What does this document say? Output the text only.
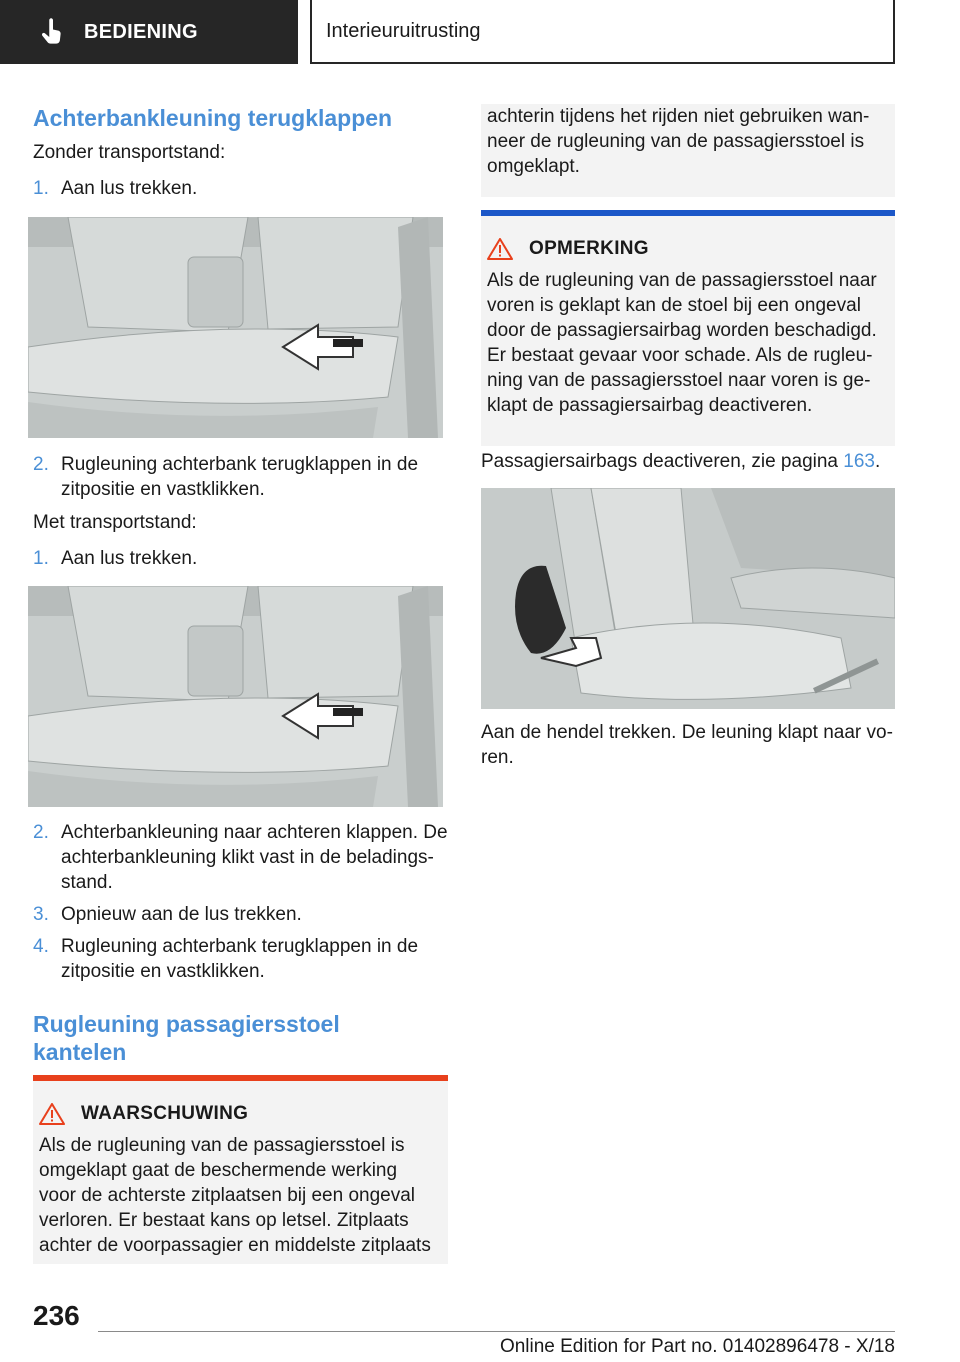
BEDIENING	Interieuruitrusting
Achterbankleuning terugklappen
Zonder transportstand:
1. Aan lus trekken.
2. Rugleuning achterbank terugklappen in de zitpositie en vastklikken.
Met transportstand:
1. Aan lus trekken.
2. Achterbankleuning naar achteren klappen. De achterbankleuning klikt vast in de beladings-stand.
3. Opnieuw aan de lus trekken.
4. Rugleuning achterbank terugklappen in de zitpositie en vastklikken.
Rugleuning passagiersstoel kantelen
WAARSCHUWING
Als de rugleuning van de passagiersstoel is omgeklapt gaat de beschermende werking voor de achterste zitplaatsen bij een ongeval verloren. Er bestaat kans op letsel. Zitplaats achter de voorpassagier en middelste zitplaats
achterin tijdens het rijden niet gebruiken wan-neer de rugleuning van de passagiersstoel is omgeklapt.
OPMERKING
Als de rugleuning van de passagiersstoel naar voren is geklapt kan de stoel bij een ongeval door de passagiersairbag worden beschadigd. Er bestaat gevaar voor schade. Als de rugleu-ning van de passagiersstoel naar voren is ge-klapt de passagiersairbag deactiveren.
Passagiersairbags deactiveren, zie pagina 163.
Aan de hendel trekken. De leuning klapt naar vo-ren.
236
Online Edition for Part no. 01402896478 - X/18
